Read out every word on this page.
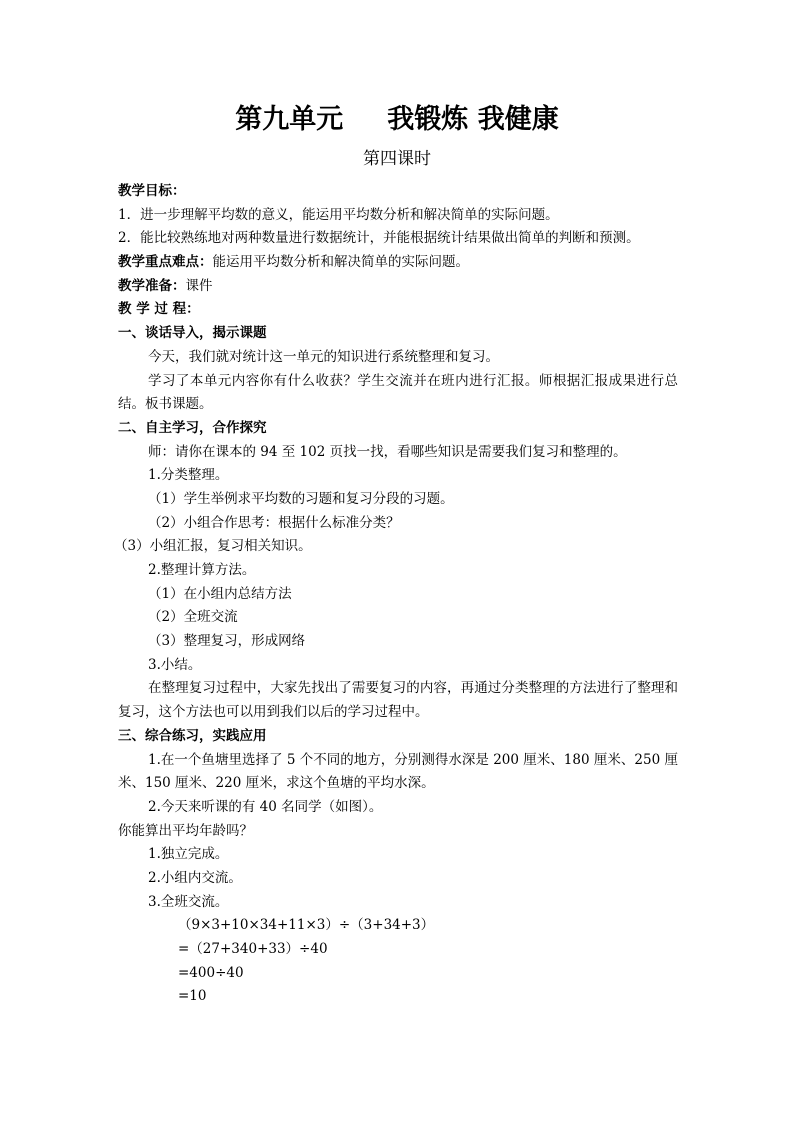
第九单元 我锻炼 我健康
第四课时
教学目标：
1．进一步理解平均数的意义，能运用平均数分析和解决简单的实际问题。
2．能比较熟练地对两种数量进行数据统计，并能根据统计结果做出简单的判断和预测。
教学重点难点：能运用平均数分析和解决简单的实际问题。
教学准备：课件
教 学 过 程：
一、谈话导入，揭示课题
今天，我们就对统计这一单元的知识进行系统整理和复习。
学习了本单元内容你有什么收获？学生交流并在班内进行汇报。师根据汇报成果进行总结。板书课题。
二、自主学习，合作探究
师：请你在课本的 94 至 102 页找一找，看哪些知识是需要我们复习和整理的。
1.分类整理。
（1）学生举例求平均数的习题和复习分段的习题。
（2）小组合作思考：根据什么标准分类？
（3）小组汇报，复习相关知识。
2.整理计算方法。
（1）在小组内总结方法
（2）全班交流
（3）整理复习，形成网络
3.小结。
在整理复习过程中，大家先找出了需要复习的内容，再通过分类整理的方法进行了整理和复习，这个方法也可以用到我们以后的学习过程中。
三、综合练习，实践应用
1.在一个鱼塘里选择了 5 个不同的地方，分别测得水深是 200 厘米、180 厘米、250 厘米、150 厘米、220 厘米，求这个鱼塘的平均水深。
2.今天来听课的有 40 名同学（如图）。
你能算出平均年龄吗？
1.独立完成。
2.小组内交流。
3.全班交流。
（9×3+10×34+11×3）÷（3+34+3）
=（27+340+33）÷40
=400÷40
=10
